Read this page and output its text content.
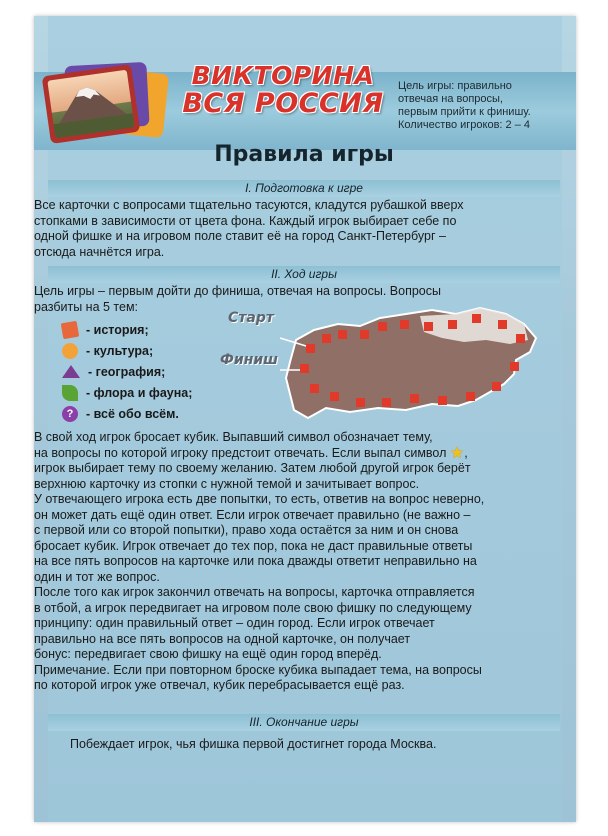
ВИКТОРИНА
ВСЯ РОССИЯ
Цель игры: правильно
отвечая на вопросы,
первым прийти к финишу.
Количество игроков: 2 – 4
Правила игры
I. Подготовка к игре
Все карточки с вопросами тщательно тасуются, кладутся рубашкой вверх
стопками в зависимости от цвета фона. Каждый игрок выбирает себе по
одной фишке и на игровом поле ставит её на город Санкт-Петербург –
отсюда начнётся игра.
II. Ход игры
Цель игры – первым дойти до финиша, отвечая на вопросы. Вопросы
разбиты на 5 тем:
- история;
- культура;
- география;
- флора и фауна;
?	- всё обо всём.
Старт
Финиш
В свой ход игрок бросает кубик. Выпавший символ обозначает тему,
на вопросы по которой игроку предстоит отвечать. Если выпал символ ★,
игрок выбирает тему по своему желанию. Затем любой другой игрок берёт
верхнюю карточку из стопки с нужной темой и зачитывает вопрос.
У отвечающего игрока есть две попытки, то есть, ответив на вопрос неверно,
он может дать ещё один ответ. Если игрок отвечает правильно (не важно –
с первой или со второй попытки), право хода остаётся за ним и он снова
бросает кубик. Игрок отвечает до тех пор, пока не даст правильные ответы
на все пять вопросов на карточке или пока дважды ответит неправильно на
один и тот же вопрос.
После того как игрок закончил отвечать на вопросы, карточка отправляется
в отбой, а игрок передвигает на игровом поле свою фишку по следующему
принципу: один правильный ответ – один город. Если игрок отвечает
правильно на все пять вопросов на одной карточке, он получает
бонус: передвигает свою фишку на ещё один город вперёд.
Примечание. Если при повторном броске кубика выпадает тема, на вопросы
по которой игрок уже отвечал, кубик перебрасывается ещё раз.
III. Окончание игры
Побеждает игрок, чья фишка первой достигнет города Москва.
